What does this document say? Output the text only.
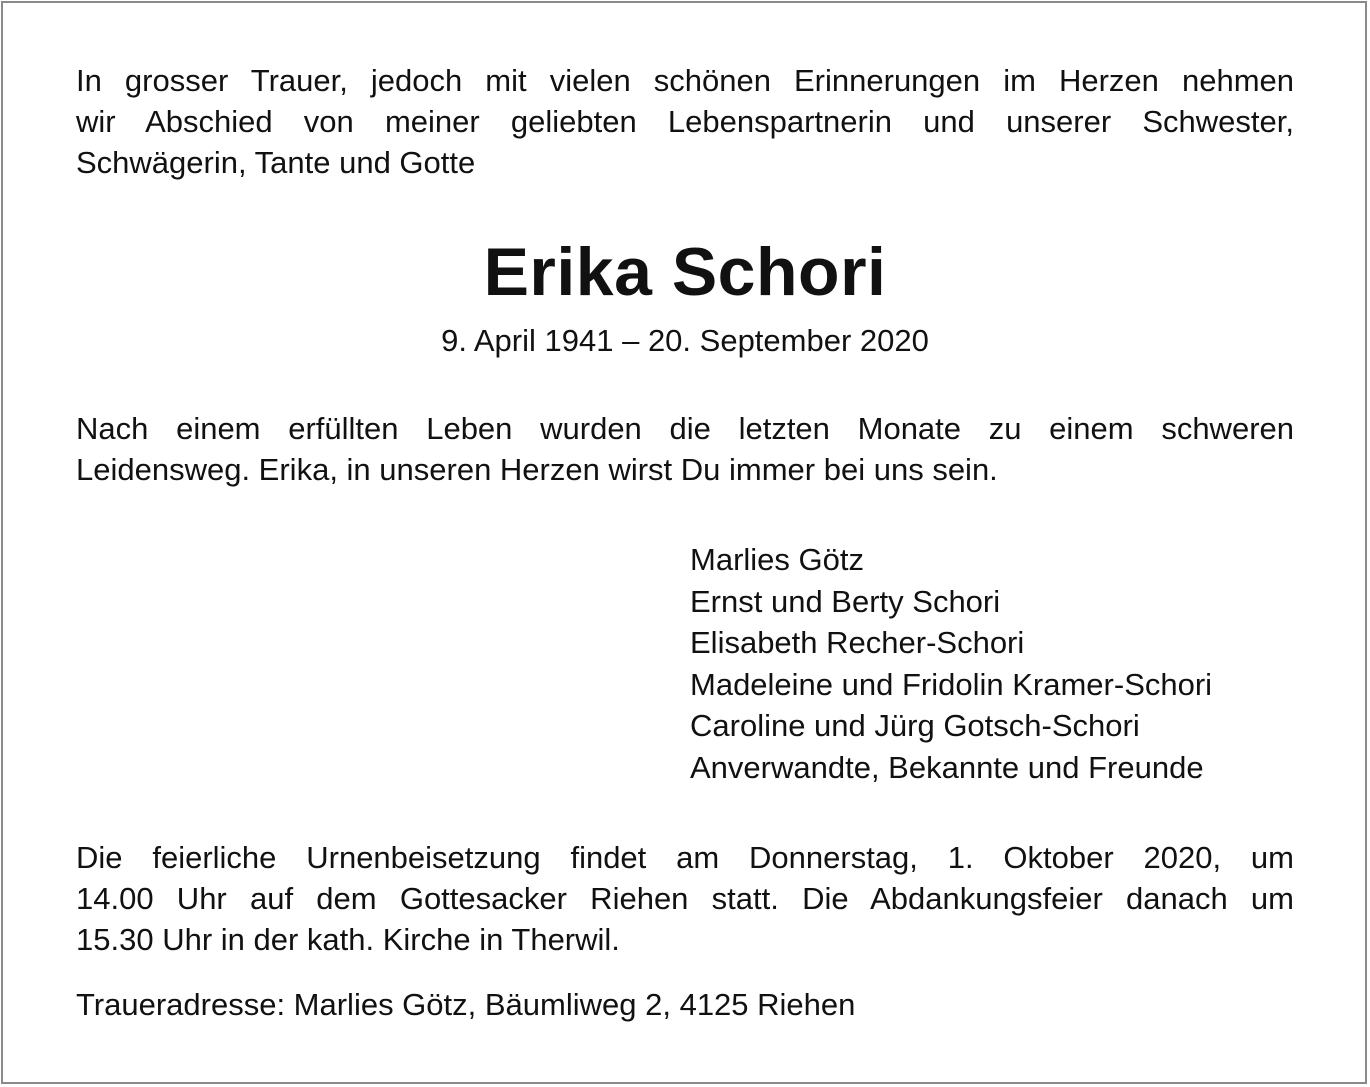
In grosser Trauer, jedoch mit vielen schönen Erinnerungen im Herzen nehmen
wir Abschied von meiner geliebten Lebenspartnerin und unserer Schwester,
Schwägerin, Tante und Gotte

Erika Schori

9. April 1941 – 20. September 2020

Nach einem erfüllten Leben wurden die letzten Monate zu einem schweren
Leidensweg. Erika, in unseren Herzen wirst Du immer bei uns sein.

Marlies Götz
Ernst und Berty Schori
Elisabeth Recher-Schori
Madeleine und Fridolin Kramer-Schori
Caroline und Jürg Gotsch-Schori
Anverwandte, Bekannte und Freunde

Die feierliche Urnenbeisetzung findet am Donnerstag, 1. Oktober 2020, um
14.00 Uhr auf dem Gottesacker Riehen statt. Die Abdankungsfeier danach um
15.30 Uhr in der kath. Kirche in Therwil.

Traueradresse: Marlies Götz, Bäumliweg 2, 4125 Riehen
